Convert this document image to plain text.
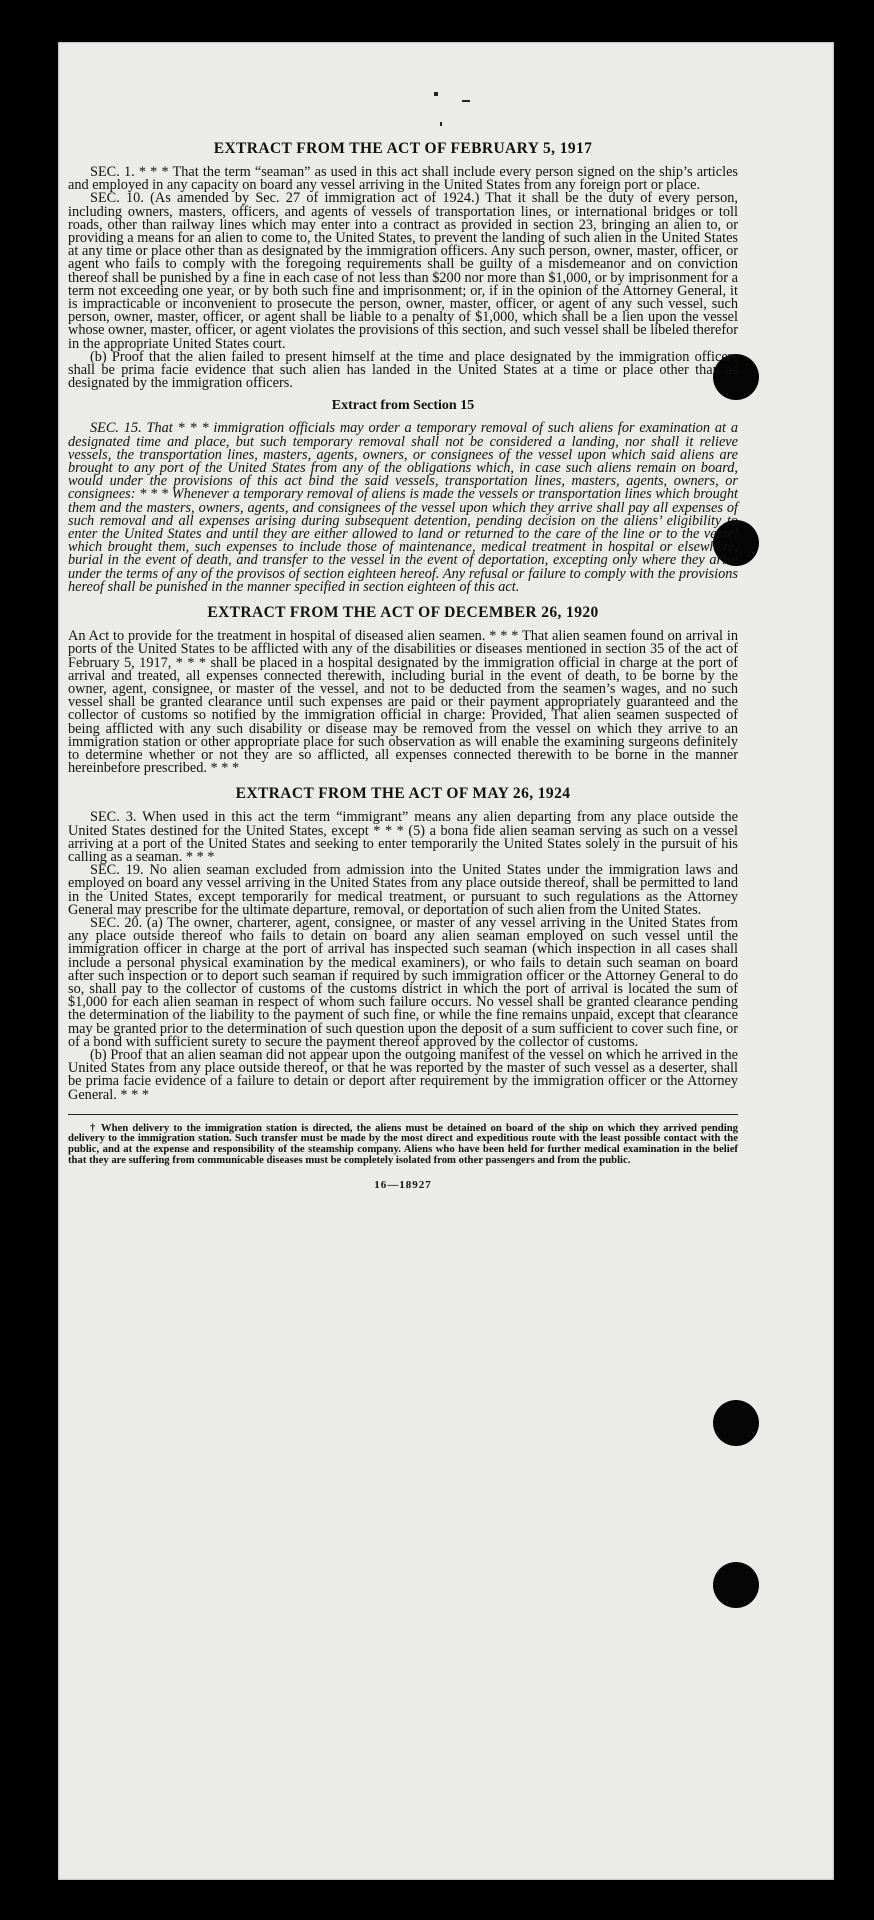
EXTRACT FROM THE ACT OF FEBRUARY 5, 1917

SEC. 1. * * * That the term “seaman” as used in this act shall include every person signed on the ship’s articles and employed in any capacity on board any vessel arriving in the United States from any foreign port or place.

SEC. 10. (As amended by Sec. 27 of immigration act of 1924.) That it shall be the duty of every person, including owners, masters, officers, and agents of vessels of transportation lines, or international bridges or toll roads, other than railway lines which may enter into a contract as provided in section 23, bringing an alien to, or providing a means for an alien to come to, the United States, to prevent the landing of such alien in the United States at any time or place other than as designated by the immigration officers. Any such person, owner, master, officer, or agent who fails to comply with the foregoing requirements shall be guilty of a misdemeanor and on conviction thereof shall be punished by a fine in each case of not less than $200 nor more than $1,000, or by imprisonment for a term not exceeding one year, or by both such fine and imprisonment; or, if in the opinion of the Attorney General, it is impracticable or inconvenient to prosecute the person, owner, master, officer, or agent of any such vessel, such person, owner, master, officer, or agent shall be liable to a penalty of $1,000, which shall be a lien upon the vessel whose owner, master, officer, or agent violates the provisions of this section, and such vessel shall be libeled therefor in the appropriate United States court.

(b) Proof that the alien failed to present himself at the time and place designated by the immigration officers shall be prima facie evidence that such alien has landed in the United States at a time or place other than as designated by the immigration officers.

Extract from Section 15

SEC. 15. That * * * immigration officials may order a temporary removal of such aliens for examination at a designated time and place, but such temporary removal shall not be considered a landing, nor shall it relieve vessels, the transportation lines, masters, agents, owners, or consignees of the vessel upon which said aliens are brought to any port of the United States from any of the obligations which, in case such aliens remain on board, would under the provisions of this act bind the said vessels, transportation lines, masters, agents, owners, or consignees: * * * Whenever a temporary removal of aliens is made the vessels or transportation lines which brought them and the masters, owners, agents, and consignees of the vessel upon which they arrive shall pay all expenses of such removal and all expenses arising during subsequent detention, pending decision on the aliens’ eligibility to enter the United States and until they are either allowed to land or returned to the care of the line or to the vessel which brought them, such expenses to include those of maintenance, medical treatment in hospital or elsewhere, burial in the event of death, and transfer to the vessel in the event of deportation, excepting only where they arise under the terms of any of the provisos of section eighteen hereof. Any refusal or failure to comply with the provisions hereof shall be punished in the manner specified in section eighteen of this act.

EXTRACT FROM THE ACT OF DECEMBER 26, 1920

An Act to provide for the treatment in hospital of diseased alien seamen. * * * That alien seamen found on arrival in ports of the United States to be afflicted with any of the disabilities or diseases mentioned in section 35 of the act of February 5, 1917, * * * shall be placed in a hospital designated by the immigration official in charge at the port of arrival and treated, all expenses connected therewith, including burial in the event of death, to be borne by the owner, agent, consignee, or master of the vessel, and not to be deducted from the seamen’s wages, and no such vessel shall be granted clearance until such expenses are paid or their payment appropriately guaranteed and the collector of customs so notified by the immigration official in charge: Provided, That alien seamen suspected of being afflicted with any such disability or disease may be removed from the vessel on which they arrive to an immigration station or other appropriate place for such observation as will enable the examining surgeons definitely to determine whether or not they are so afflicted, all expenses connected therewith to be borne in the manner hereinbefore prescribed. * * *

EXTRACT FROM THE ACT OF MAY 26, 1924

SEC. 3. When used in this act the term “immigrant” means any alien departing from any place outside the United States destined for the United States, except * * * (5) a bona fide alien seaman serving as such on a vessel arriving at a port of the United States and seeking to enter temporarily the United States solely in the pursuit of his calling as a seaman. * * *

SEC. 19. No alien seaman excluded from admission into the United States under the immigration laws and employed on board any vessel arriving in the United States from any place outside thereof, shall be permitted to land in the United States, except temporarily for medical treatment, or pursuant to such regulations as the Attorney General may prescribe for the ultimate departure, removal, or deportation of such alien from the United States.

SEC. 20. (a) The owner, charterer, agent, consignee, or master of any vessel arriving in the United States from any place outside thereof who fails to detain on board any alien seaman employed on such vessel until the immigration officer in charge at the port of arrival has inspected such seaman (which inspection in all cases shall include a personal physical examination by the medical examiners), or who fails to detain such seaman on board after such inspection or to deport such seaman if required by such immigration officer or the Attorney General to do so, shall pay to the collector of customs of the customs district in which the port of arrival is located the sum of $1,000 for each alien seaman in respect of whom such failure occurs. No vessel shall be granted clearance pending the determination of the liability to the payment of such fine, or while the fine remains unpaid, except that clearance may be granted prior to the determination of such question upon the deposit of a sum sufficient to cover such fine, or of a bond with sufficient surety to secure the payment thereof approved by the collector of customs.

(b) Proof that an alien seaman did not appear upon the outgoing manifest of the vessel on which he arrived in the United States from any place outside thereof, or that he was reported by the master of such vessel as a deserter, shall be prima facie evidence of a failure to detain or deport after requirement by the immigration officer or the Attorney General. * * *

† When delivery to the immigration station is directed, the aliens must be detained on board of the ship on which they arrived pending delivery to the immigration station. Such transfer must be made by the most direct and expeditious route with the least possible contact with the public, and at the expense and responsibility of the steamship company. Aliens who have been held for further medical examination in the belief that they are suffering from communicable diseases must be completely isolated from other passengers and from the public.

16—18927
